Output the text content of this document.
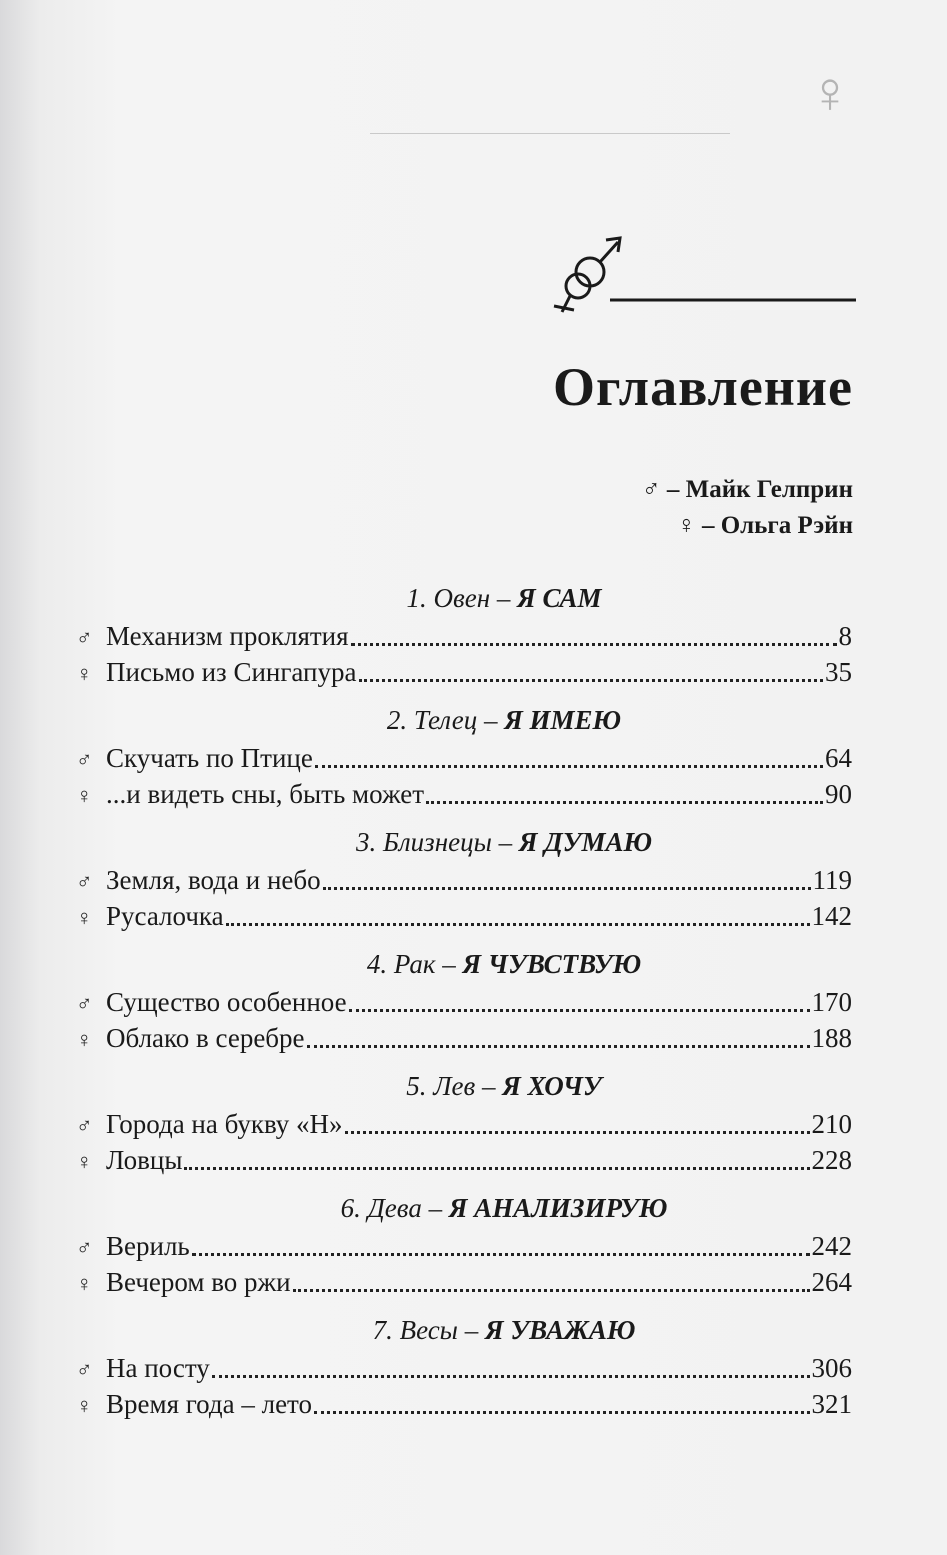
♀
Оглавление
♂ – Майк Гелприн
♀ – Ольга Рэйн
1. Овен – Я САМ
♂ Механизм проклятия	8
♀ Письмо из Сингапура	35
2. Телец – Я ИМЕЮ
♂ Скучать по Птице	64
♀ ...и видеть сны, быть может	90
3. Близнецы – Я ДУМАЮ
♂ Земля, вода и небо	119
♀ Русалочка	142
4. Рак – Я ЧУВСТВУЮ
♂ Существо особенное	170
♀ Облако в серебре	188
5. Лев – Я ХОЧУ
♂ Города на букву «Н»	210
♀ Ловцы	228
6. Дева – Я АНАЛИЗИРУЮ
♂ Вериль	242
♀ Вечером во ржи	264
7. Весы – Я УВАЖАЮ
♂ На посту	306
♀ Время года – лето	321
